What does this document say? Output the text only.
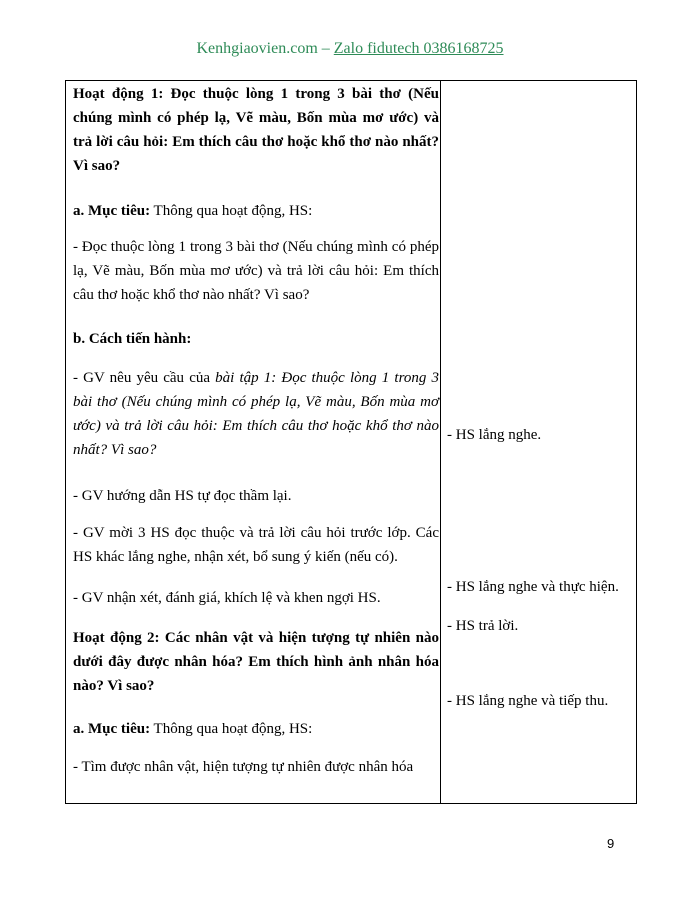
Kenhgiaovien.com – Zalo fidutech 0386168725
Hoạt động 1: Đọc thuộc lòng 1 trong 3 bài thơ (Nếu chúng mình có phép lạ, Vẽ màu, Bốn mùa mơ ước) và trả lời câu hỏi: Em thích câu thơ hoặc khổ thơ nào nhất? Vì sao?
a. Mục tiêu: Thông qua hoạt động, HS:
- Đọc thuộc lòng 1 trong 3 bài thơ (Nếu chúng mình có phép lạ, Vẽ màu, Bốn mùa mơ ước) và trả lời câu hỏi: Em thích câu thơ hoặc khổ thơ nào nhất? Vì sao?
b. Cách tiến hành:
- GV nêu yêu cầu của bài tập 1: Đọc thuộc lòng 1 trong 3 bài thơ (Nếu chúng mình có phép lạ, Vẽ màu, Bốn mùa mơ ước) và trả lời câu hỏi: Em thích câu thơ hoặc khổ thơ nào nhất? Vì sao?
- GV hướng dẫn HS tự đọc thầm lại.
- GV mời 3 HS đọc thuộc và trả lời câu hỏi trước lớp. Các HS khác lắng nghe, nhận xét, bổ sung ý kiến (nếu có).
- GV nhận xét, đánh giá, khích lệ và khen ngợi HS.
Hoạt động 2: Các nhân vật và hiện tượng tự nhiên nào dưới đây được nhân hóa? Em thích hình ảnh nhân hóa nào? Vì sao?
a. Mục tiêu: Thông qua hoạt động, HS:
- Tìm được nhân vật, hiện tượng tự nhiên được nhân hóa
- HS lắng nghe.
- HS lắng nghe và thực hiện.
- HS trả lời.
- HS lắng nghe và tiếp thu.
9
